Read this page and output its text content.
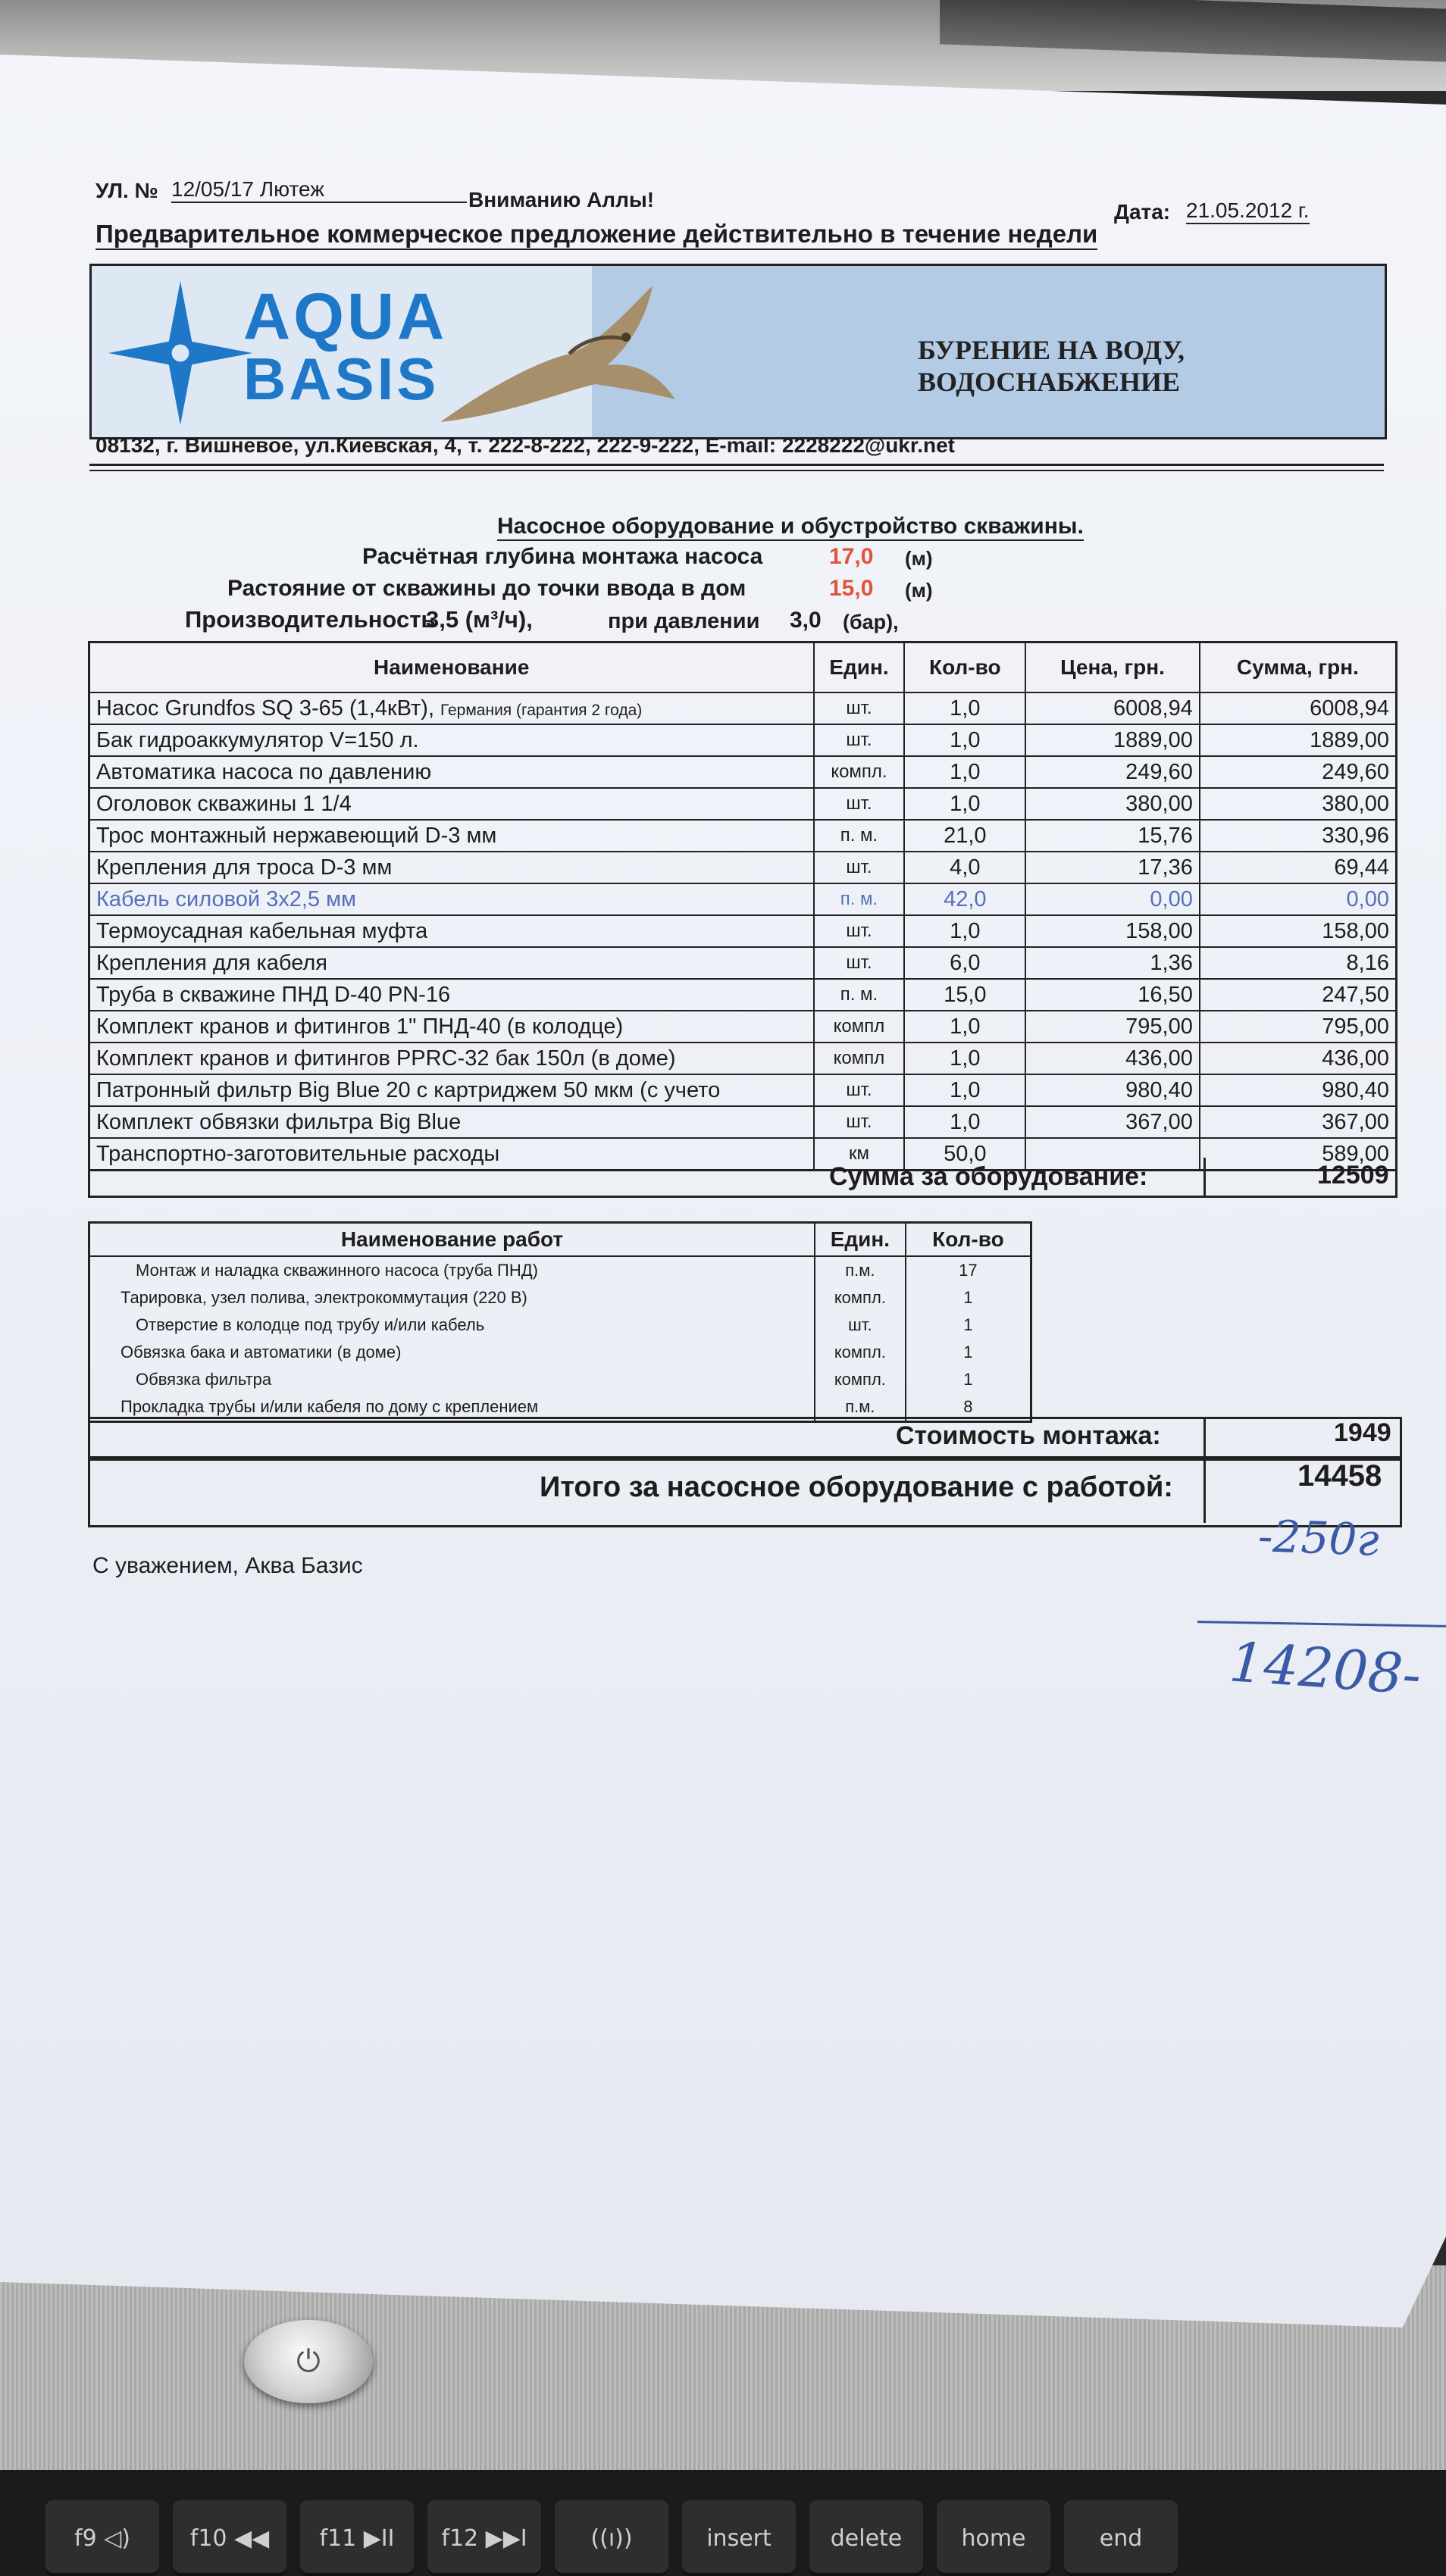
⏻
f9 ◁)	f10 ◀◀	f11 ▶II	f12 ▶▶I	((ı))	insert	delete	home	end
УЛ. № 12/05/17 Лютеж	Вниманию Аллы!
Дата: 21.05.2012 г.
Предварительное коммерческое предложение действительно в течение недели
AQUA
BASIS	БУРЕНИЕ НА ВОДУ, ВОДОСНАБЖЕНИЕ
08132, г. Вишневое, ул.Киевская, 4, т. 222-8-222, 222-9-222, E-mail: 2228222@ukr.net
Насосное оборудование и обустройство скважины.
Расчётная глубина монтажа насоса	17,0 (м)
Растояние от скважины до точки ввода в дом	15,0 (м)
Производительность
3,5 (м³/ч),	при давлении 3,0 (бар),
Наименование	Един.	Кол-во	Цена, грн.	Сумма, грн.
Насос Grundfos SQ 3-65 (1,4кВт), Германия (гарантия 2 года)	шт.	1,0	6008,94	6008,94
Бак гидроаккумулятор V=150 л.	шт.	1,0	1889,00	1889,00
Автоматика насоса по давлению	компл.	1,0	249,60	249,60
Оголовок скважины 1 1/4	шт.	1,0	380,00	380,00
Трос монтажный нержавеющий D-3 мм	п. м.	21,0	15,76	330,96
Крепления для троса D-3 мм	шт.	4,0	17,36	69,44
Кабель силовой 3х2,5 мм	п. м.	42,0	0,00	0,00
Термоусадная кабельная муфта	шт.	1,0	158,00	158,00
Крепления для кабеля	шт.	6,0	1,36	8,16
Труба в скважине ПНД D-40 PN-16	п. м.	15,0	16,50	247,50
Комплект кранов и фитингов 1" ПНД-40 (в колодце)	компл	1,0	795,00	795,00
Комплект кранов и фитингов PPRC-32 бак 150л (в доме)	компл	1,0	436,00	436,00
Патронный фильтр Big Blue 20 с картриджем 50 мкм (с учето	шт.	1,0	980,40	980,40
Комплект обвязки фильтра Big Blue	шт.	1,0	367,00	367,00
Транспортно-заготовительные расходы	км	50,0		589,00
Сумма за оборудование:	12509
Наименование работ	Един.	Кол-во
Монтаж и наладка скважинного насоса (труба ПНД)	п.м.	17
Тарировка, узел полива, электрокоммутация (220 В)	компл.	1
Отверстие в колодце под трубу и/или кабель	шт.	1
Обвязка бака и автоматики (в доме)	компл.	1
Обвязка фильтра	компл.	1
Прокладка трубы и/или кабеля по дому с креплением	п.м.	8
Стоимость монтажа:	1949
Итого за насосное оборудование с работой:	14458
С уважением, Аква Базис	-250г
14208-
